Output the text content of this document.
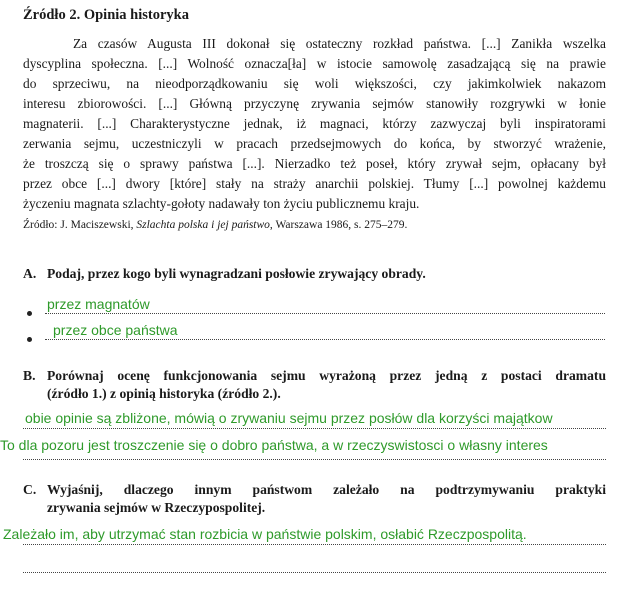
Źródło 2. Opinia historyka
Za czasów Augusta III dokonał się ostateczny rozkład państwa. [...] Zanikła wszelka
dyscyplina społeczna. [...] Wolność oznacza[ła] w istocie samowolę zasadzającą się na prawie
do sprzeciwu, na nieodporządkowaniu się woli większości, czy jakimkolwiek nakazom
interesu zbiorowości. [...] Główną przyczynę zrywania sejmów stanowiły rozgrywki w łonie
magnaterii. [...] Charakterystyczne jednak, iż magnaci, którzy zazwyczaj byli inspiratorami
zerwania sejmu, uczestniczyli w pracach przedsejmowych do końca, by stworzyć wrażenie,
że troszczą się o sprawy państwa [...]. Nierzadko też poseł, który zrywał sejm, opłacany był
przez obce [...] dwory [które] stały na straży anarchii polskiej. Tłumy [...] powolnej każdemu
życzeniu magnata szlachty-gołoty nadawały ton życiu publicznemu kraju.
Źródło: J. Maciszewski, Szlachta polska i jej państwo, Warszawa 1986, s. 275–279.
A. Podaj, przez kogo byli wynagradzani posłowie zrywający obrady.
przez magnatów
przez obce państwa
B. Porównaj ocenę funkcjonowania sejmu wyrażoną przez jedną z postaci dramatu
(źródło 1.) z opinią historyka (źródło 2.).
obie opinie są zbliżone, mówią o zrywaniu sejmu przez posłów dla korzyści majątkow
To dla pozoru jest troszczenie się o dobro państwa, a w rzeczyswistosci o własny interes
C. Wyjaśnij, dlaczego innym państwom zależało na podtrzymywaniu praktyki
zrywania sejmów w Rzeczypospolitej.
Zależało im, aby utrzymać stan rozbicia w państwie polskim, osłabić Rzeczpospolitą.
